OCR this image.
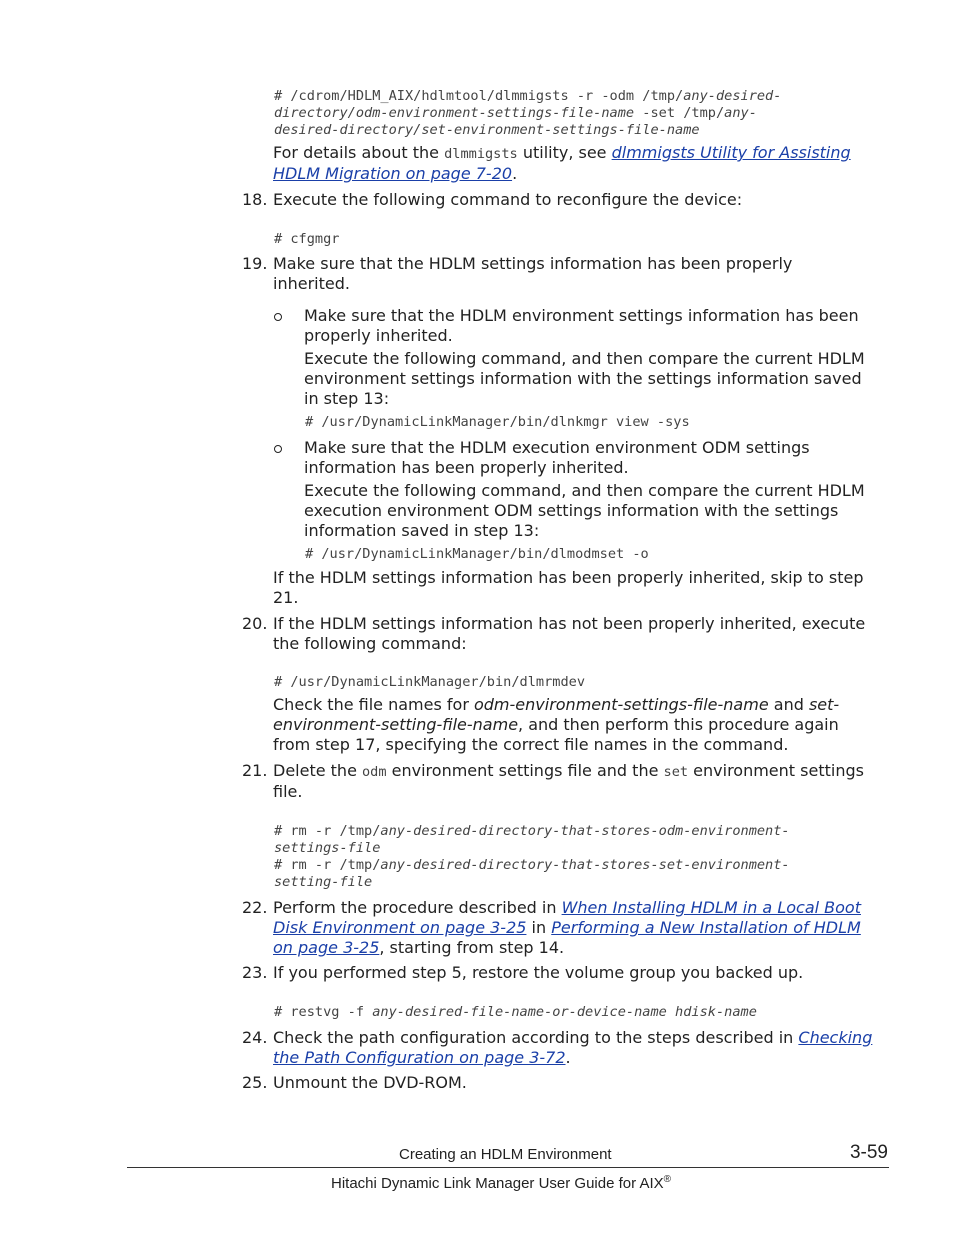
# /cdrom/HDLM_AIX/hdlmtool/dlmmigsts -r -odm /tmp/any-desired-
directory/odm-environment-settings-file-name -set /tmp/any-
desired-directory/set-environment-settings-file-name
For details about the dlmmigsts utility, see dlmmigsts Utility for Assisting
HDLM Migration on page 7-20.
18. Execute the following command to reconfigure the device:
# cfgmgr
19. Make sure that the HDLM settings information has been properly
inherited.
Make sure that the HDLM environment settings information has been
properly inherited.
Execute the following command, and then compare the current HDLM
environment settings information with the settings information saved
in step 13:
# /usr/DynamicLinkManager/bin/dlnkmgr view -sys
Make sure that the HDLM execution environment ODM settings
information has been properly inherited.
Execute the following command, and then compare the current HDLM
execution environment ODM settings information with the settings
information saved in step 13:
# /usr/DynamicLinkManager/bin/dlmodmset -o
If the HDLM settings information has been properly inherited, skip to step
21.
20. If the HDLM settings information has not been properly inherited, execute
the following command:
# /usr/DynamicLinkManager/bin/dlmrmdev
Check the file names for odm-environment-settings-file-name and set-
environment-setting-file-name, and then perform this procedure again
from step 17, specifying the correct file names in the command.
21. Delete the odm environment settings file and the set environment settings
file.
# rm -r /tmp/any-desired-directory-that-stores-odm-environment-
settings-file
# rm -r /tmp/any-desired-directory-that-stores-set-environment-
setting-file
22. Perform the procedure described in When Installing HDLM in a Local Boot
Disk Environment on page 3-25 in Performing a New Installation of HDLM
on page 3-25, starting from step 14.
23. If you performed step 5, restore the volume group you backed up.
# restvg -f any-desired-file-name-or-device-name hdisk-name
24. Check the path configuration according to the steps described in Checking
the Path Configuration on page 3-72.
25. Unmount the DVD-ROM.
Creating an HDLM Environment	3-59
Hitachi Dynamic Link Manager User Guide for AIX®
